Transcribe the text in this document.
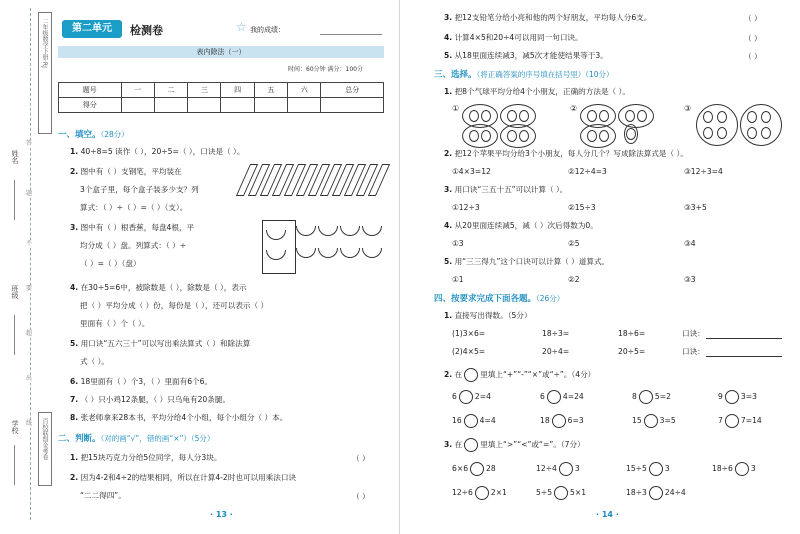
姓名
班级
学校
答
题
不
要
超
出
线
二年级数学下册·RJ
百校联盟金考卷
第二单元	检测卷	☆ 我的成绩：
表内除法（一）
时间：60分钟 满分：100分
题号	一	二	三	四	五	六	总分
得分							
一、填空。（28分）
1. 40÷8=5 读作（ ），20÷5=（ ），口诀是（ ）。
2. 图中有（ ）支钢笔，平均装在
3个盒子里，每个盒子装多少支？列
算式：（ ）÷（ ）=（ ）（支）。
3. 图中有（ ）根香蕉，每盘4根，平
均分成（ ）盘。列算式：（ ）÷
（ ）=（ ）（盘）
4. 在30÷5=6中，被除数是（ ），除数是（ ），表示
把（ ）平均分成（ ）份，每份是（ ），还可以表示（ ）
里面有（ ）个（ ）。
5. 用口诀“五六三十”可以写出乘法算式（ ）和除法算
式（ ）。
6. 18里面有（ ）个3，（ ）里面有6个6。
7. （ ）只小鸡12条腿，（ ）只乌龟有20条腿。
8. 张老师拿来28本书，平均分给4个小组，每个小组分（ ）本。
二、判断。（对的画“√”，错的画“×”）（5分）
1. 把15块巧克力分给5位同学，每人分3块。	（ ）
2. 因为4-2和4÷2的结果相同，所以在计算4-2时也可以用乘法口诀
“二二得四”。	（ ）
· 13 ·
3. 把12支铅笔分给小亮和他的两个好朋友，平均每人分6支。	（ ）
4. 计算4×5和20÷4可以用同一句口诀。	（ ）
5. 从18里面连续减3，减5次才能使结果等于3。	（ ）
三、选择。（将正确答案的序号填在括号里）（10分）
1. 把8个气球平均分给4个小朋友，正确的方法是（ ）。
①	②	③
2. 把12个苹果平均分给3个小朋友，每人分几个？写成除法算式是（ ）。
①4×3=12	②12÷4=3	③12÷3=4
3. 用口诀“三五十五”可以计算（ ）。
①12÷3	②15÷3	③3+5
4. 从20里面连续减5，减（ ）次后得数为0。
①3	②5	③4
5. 用“三三得九”这个口诀可以计算（ ）道算式。
①1	②2	③3
四、按要求完成下面各题。（26分）
1. 直接写出得数。（5分）
(1)3×6=	18÷3=	18÷6=	口诀：
(2)4×5=	20÷4=	20÷5=	口诀：
2. 在 里填上“+”“-”“×”或“÷”。（4分）
6 2=4	6 4=24	8 5=2	9 3=3
16 4=4	18 6=3	15 3=5	7 7=14
3. 在 里填上“>”“<”或“=”。（7分）
6×6 28	12÷4 3	15÷5 3	18÷6 3
12÷6 2×1	5÷5 5×1	18÷3 24÷4
· 14 ·
